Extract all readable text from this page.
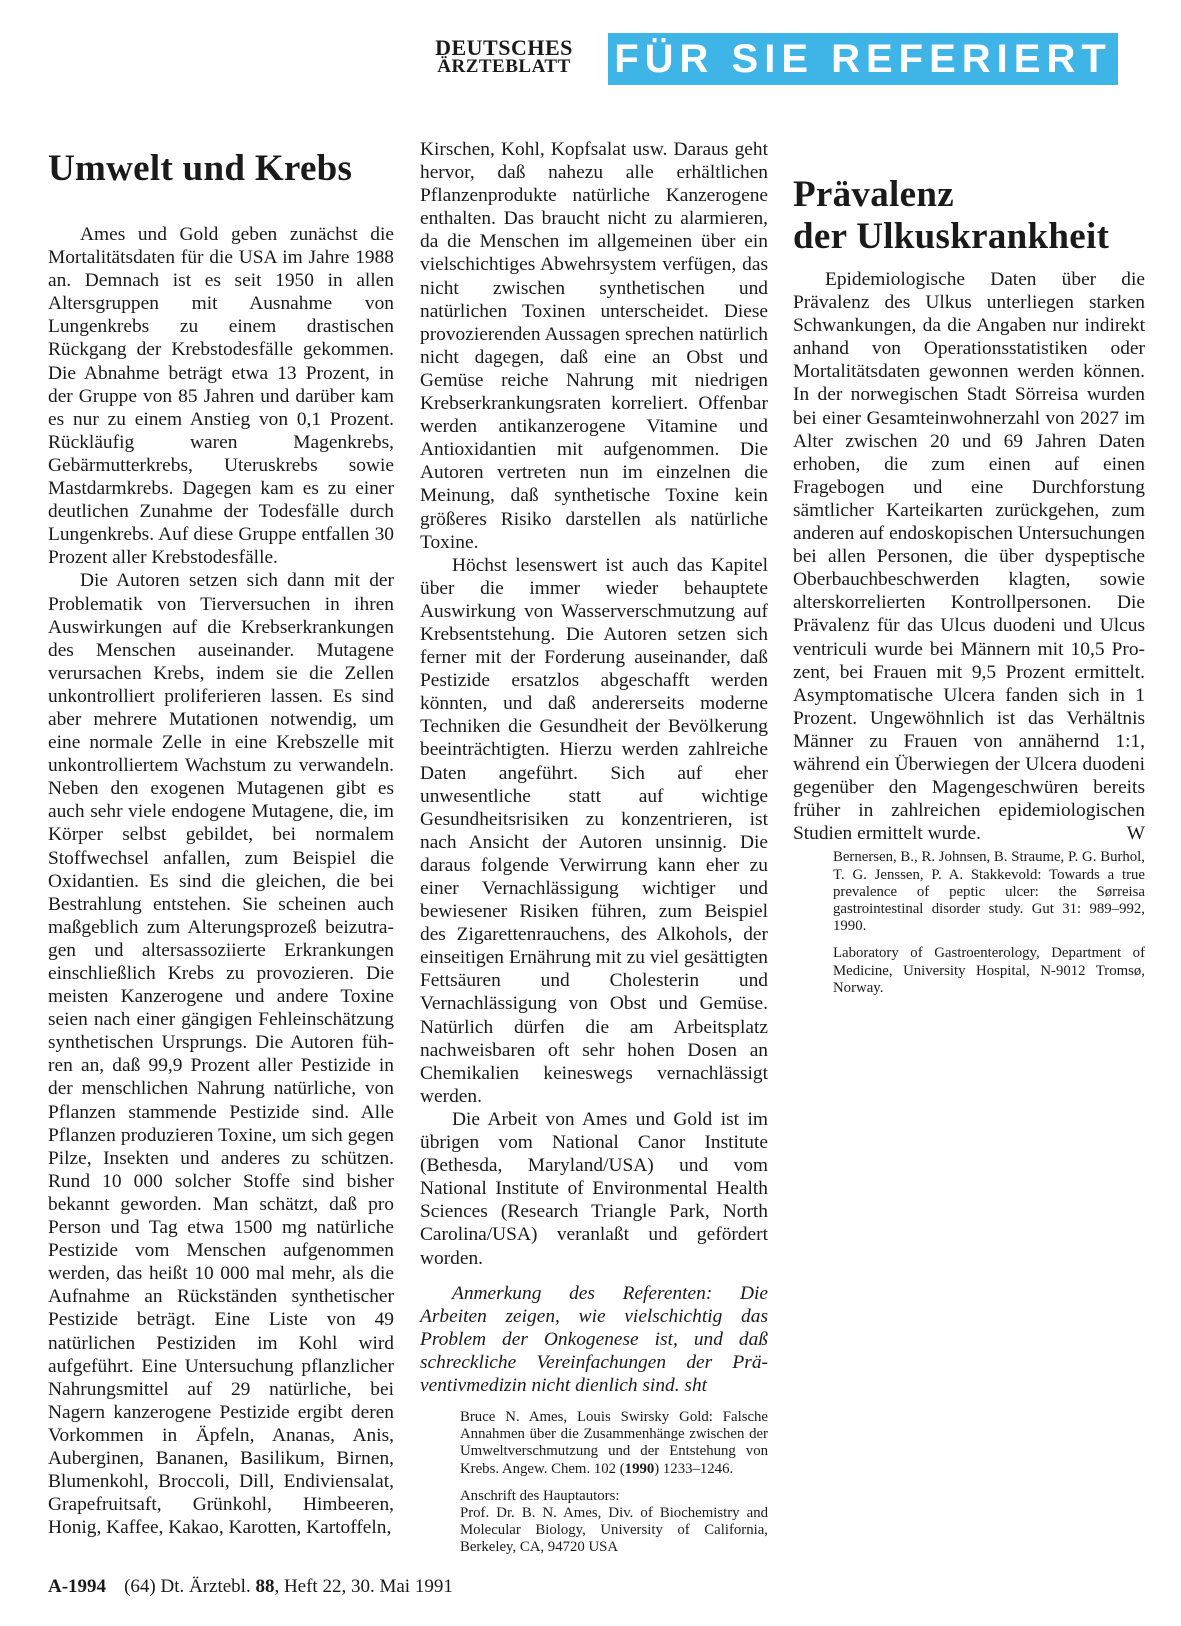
DEUTSCHES
ÄRZTEBLATT	FÜR SIE REFERIERT
Umwelt und Krebs

Ames und Gold geben zunächst die Mortalitätsdaten für die USA im Jahre 1988 an. Demnach ist es seit 1950 in allen Altersgruppen mit Ausnahme von Lungenkrebs zu einem drastischen Rückgang der Krebstodesfälle gekommen. Die Abnahme beträgt etwa 13 Prozent, in der Gruppe von 85 Jahren und darüber kam es nur zu einem Anstieg von 0,1 Prozent. Rückläufig waren Magenkrebs, Gebärmutterkrebs, Uteruskrebs sowie Mastdarmkrebs. Dagegen kam es zu einer deutlichen Zunahme der Todesfälle durch Lungenkrebs. Auf diese Gruppe entfallen 30 Prozent aller Krebstodesfälle.

Die Autoren setzen sich dann mit der Problematik von Tierversuchen in ihren Auswirkungen auf die Krebserkrankungen des Menschen auseinander. Mutagene verursachen Krebs, indem sie die Zellen unkontrolliert proliferieren lassen. Es sind aber mehrere Mutationen notwendig, um eine normale Zelle in eine Krebszelle mit unkontrolliertem Wachstum zu verwandeln. Neben den exogenen Mutagenen gibt es auch sehr viele endogene Mutagene, die, im Körper selbst gebildet, bei normalem Stoffwechsel anfallen, zum Beispiel die Oxidantien. Es sind die gleichen, die bei Bestrahlung entstehen. Sie scheinen auch maßgeblich zum Alterungsprozeß beizutragen und altersassoziierte Erkrankungen einschließlich Krebs zu provozieren. Die meisten Kanzerogene und andere Toxine seien nach einer gängigen Fehleinschätzung synthetischen Ursprungs. Die Autoren führen an, daß 99,9 Prozent aller Pestizide in der menschlichen Nahrung natürliche, von Pflanzen stammende Pestizide sind. Alle Pflanzen produzieren Toxine, um sich gegen Pilze, Insekten und anderes zu schützen. Rund 10 000 solcher Stoffe sind bisher bekannt geworden. Man schätzt, daß pro Person und Tag etwa 1500 mg natürliche Pestizide vom Menschen aufgenommen werden, das heißt 10 000 mal mehr, als die Aufnahme an Rückständen synthetischer Pestizide beträgt. Eine Liste von 49 natürlichen Pestiziden im Kohl wird aufgeführt. Eine Untersuchung pflanzlicher Nahrungsmittel auf 29 natürliche, bei Nagern kanzerogene Pestizide ergibt deren Vorkommen in Äpfeln, Ananas, Anis, Auberginen, Bananen, Basilikum, Birnen, Blumenkohl, Broccoli, Dill, Endiviensalat, Grapefruitsaft, Grünkohl, Himbeeren, Honig, Kaffee, Kakao, Karotten, Kartoffeln,

Kirschen, Kohl, Kopfsalat usw. Daraus geht hervor, daß nahezu alle erhältlichen Pflanzenprodukte natürliche Kanzerogene enthalten. Das braucht nicht zu alarmieren, da die Menschen im allgemeinen über ein vielschichtiges Abwehrsystem verfügen, das nicht zwischen synthetischen und natürlichen Toxinen unterscheidet. Diese provozierenden Aussagen sprechen natürlich nicht dagegen, daß eine an Obst und Gemüse reiche Nahrung mit niedrigen Krebserkrankungsraten korreliert. Offenbar werden antikanzerogene Vitamine und Antioxidantien mit aufgenommen. Die Autoren vertreten nun im einzelnen die Meinung, daß synthetische Toxine kein größeres Risiko darstellen als natürliche Toxine.

Höchst lesenswert ist auch das Kapitel über die immer wieder behauptete Auswirkung von Wasserverschmutzung auf Krebsentstehung. Die Autoren setzen sich ferner mit der Forderung auseinander, daß Pestizide ersatzlos abgeschafft werden könnten, und daß andererseits moderne Techniken die Gesundheit der Bevölkerung beeinträchtigten. Hierzu werden zahlreiche Daten angeführt. Sich auf eher unwesentliche statt auf wichtige Gesundheitsrisiken zu konzentrieren, ist nach Ansicht der Autoren unsinnig. Die daraus folgende Verwirrung kann eher zu einer Vernachlässigung wichtiger und bewiesener Risiken führen, zum Beispiel des Zigarettenrauchens, des Alkohols, der einseitigen Ernährung mit zu viel gesättigten Fettsäuren und Cholesterin und Vernachlässigung von Obst und Gemüse. Natürlich dürfen die am Arbeitsplatz nachweisbaren oft sehr hohen Dosen an Chemikalien keineswegs vernachlässigt werden.

Die Arbeit von Ames und Gold ist im übrigen vom National Canor Institute (Bethesda, Maryland/USA) und vom National Institute of Environmental Health Sciences (Research Triangle Park, North Carolina/USA) veranlaßt und gefördert worden.

Anmerkung des Referenten: Die Arbeiten zeigen, wie vielschichtig das Problem der Onkogenese ist, und daß schreckliche Vereinfachungen der Präventivmedizin nicht dienlich sind. sht

Bruce N. Ames, Louis Swirsky Gold: Falsche Annahmen über die Zusammenhänge zwischen der Umweltverschmutzung und der Entstehung von Krebs. Angew. Chem. 102 (1990) 1233–1246.

Anschrift des Hauptautors:
Prof. Dr. B. N. Ames, Div. of Biochemistry and Molecular Biology, University of California, Berkeley, CA, 94720 USA

Prävalenz
der Ulkuskrankheit

Epidemiologische Daten über die Prävalenz des Ulkus unterliegen starken Schwankungen, da die Angaben nur indirekt anhand von Operationsstatistiken oder Mortalitätsdaten gewonnen werden können. In der norwegischen Stadt Sörreisa wurden bei einer Gesamteinwohnerzahl von 2027 im Alter zwischen 20 und 69 Jahren Daten erhoben, die zum einen auf einen Fragebogen und eine Durchforstung sämtlicher Karteikarten zurückgehen, zum anderen auf endoskopischen Untersuchungen bei allen Personen, die über dyspeptische Oberbauchbeschwerden klagten, sowie alterskorrelierten Kontrollpersonen. Die Prävalenz für das Ulcus duodeni und Ulcus ventriculi wurde bei Männern mit 10,5 Prozent, bei Frauen mit 9,5 Prozent ermittelt. Asymptomatische Ulcera fanden sich in 1 Prozent. Ungewöhnlich ist das Verhältnis Männer zu Frauen von annähernd 1:1, während ein Überwiegen der Ulcera duodeni gegenüber den Magengeschwüren bereits früher in zahlreichen epidemiologischen Studien ermittelt wurde.	W

Bernersen, B., R. Johnsen, B. Straume, P. G. Burhol, T. G. Jenssen, P. A. Stakkevold: Towards a true prevalence of peptic ulcer: the Sørreisa gastrointestinal disorder study. Gut 31: 989–992, 1990.

Laboratory of Gastroenterology, Department of Medicine, University Hospital, N-9012 Tromsø, Norway.

A-1994 (64) Dt. Ärztebl. 88, Heft 22, 30. Mai 1991
